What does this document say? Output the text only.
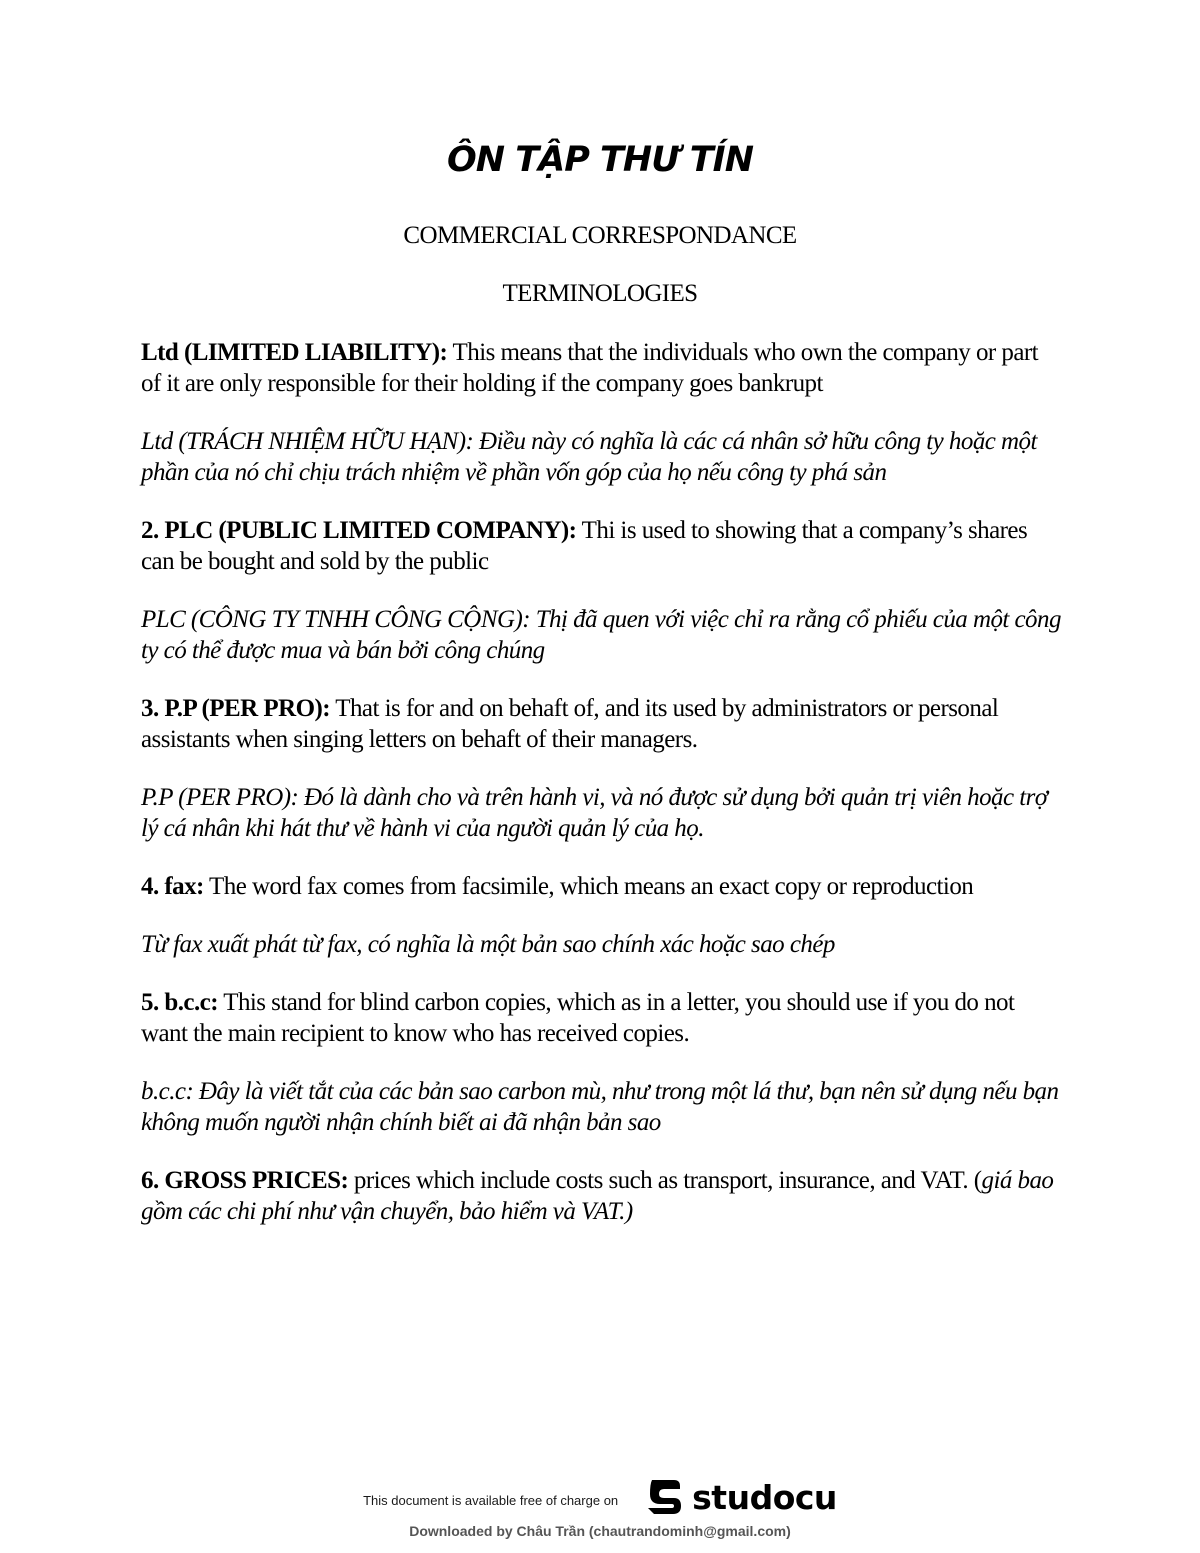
ÔN TẬP THƯ TÍN
COMMERCIAL CORRESPONDANCE
TERMINOLOGIES

Ltd (LIMITED LIABILITY): This means that the individuals who own the company or part of it are only responsible for their holding if the company goes bankrupt

Ltd (TRÁCH NHIỆM HỮU HẠN): Điều này có nghĩa là các cá nhân sở hữu công ty hoặc một phần của nó chỉ chịu trách nhiệm về phần vốn góp của họ nếu công ty phá sản

2. PLC (PUBLIC LIMITED COMPANY): Thi is used to showing that a company’s shares can be bought and sold by the public

PLC (CÔNG TY TNHH CÔNG CỘNG): Thị đã quen với việc chỉ ra rằng cổ phiếu của một công ty có thể được mua và bán bởi công chúng

3. P.P (PER PRO): That is for and on behaft of, and its used by administrators or personal assistants when singing letters on behaft of their managers.

P.P (PER PRO): Đó là dành cho và trên hành vi, và nó được sử dụng bởi quản trị viên hoặc trợ lý cá nhân khi hát thư về hành vi của người quản lý của họ.

4. fax: The word fax comes from facsimile, which means an exact copy or reproduction

Từ fax xuất phát từ fax, có nghĩa là một bản sao chính xác hoặc sao chép

5. b.c.c: This stand for blind carbon copies, which as in a letter, you should use if you do not want the main recipient to know who has received copies.

b.c.c: Đây là viết tắt của các bản sao carbon mù, như trong một lá thư, bạn nên sử dụng nếu bạn không muốn người nhận chính biết ai đã nhận bản sao

6. GROSS PRICES: prices which include costs such as transport, insurance, and VAT. (giá bao gồm các chi phí như vận chuyển, bảo hiểm và VAT.)

This document is available free of charge on studocu
Downloaded by Châu Trần (chautrandominh@gmail.com)
